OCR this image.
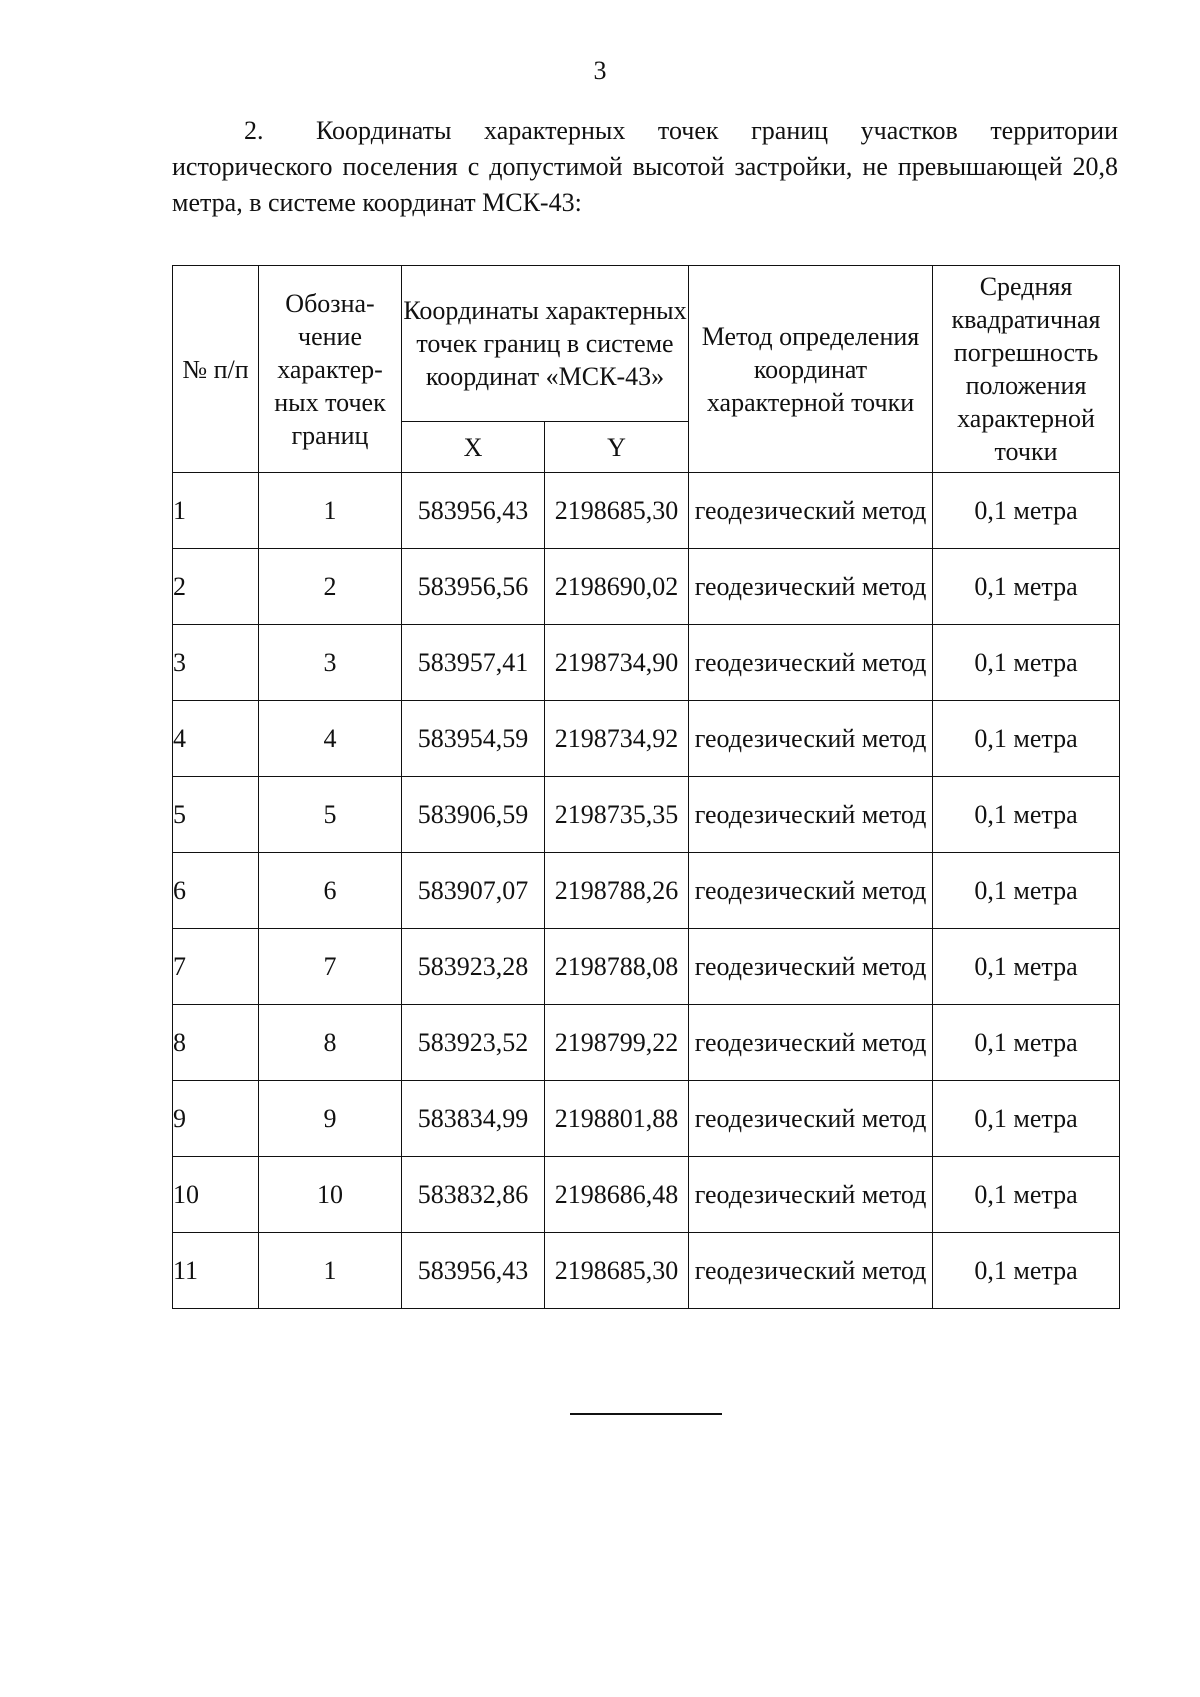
3

2. Координаты характерных точек границ участков территории исторического поселения с допустимой высотой застройки, не превышающей 20,8 метра, в системе координат МСК-43:

№ п/п	Обозна-чение характер-ных точек границ	Координаты характерных точек границ в системе координат «МСК-43»		Метод определения координат характерной точки	Средняя квадратичная погрешность положения характерной точки
		X	Y		
1	1	583956,43	2198685,30	геодезический метод	0,1 метра
2	2	583956,56	2198690,02	геодезический метод	0,1 метра
3	3	583957,41	2198734,90	геодезический метод	0,1 метра
4	4	583954,59	2198734,92	геодезический метод	0,1 метра
5	5	583906,59	2198735,35	геодезический метод	0,1 метра
6	6	583907,07	2198788,26	геодезический метод	0,1 метра
7	7	583923,28	2198788,08	геодезический метод	0,1 метра
8	8	583923,52	2198799,22	геодезический метод	0,1 метра
9	9	583834,99	2198801,88	геодезический метод	0,1 метра
10	10	583832,86	2198686,48	геодезический метод	0,1 метра
11	1	583956,43	2198685,30	геодезический метод	0,1 метра
